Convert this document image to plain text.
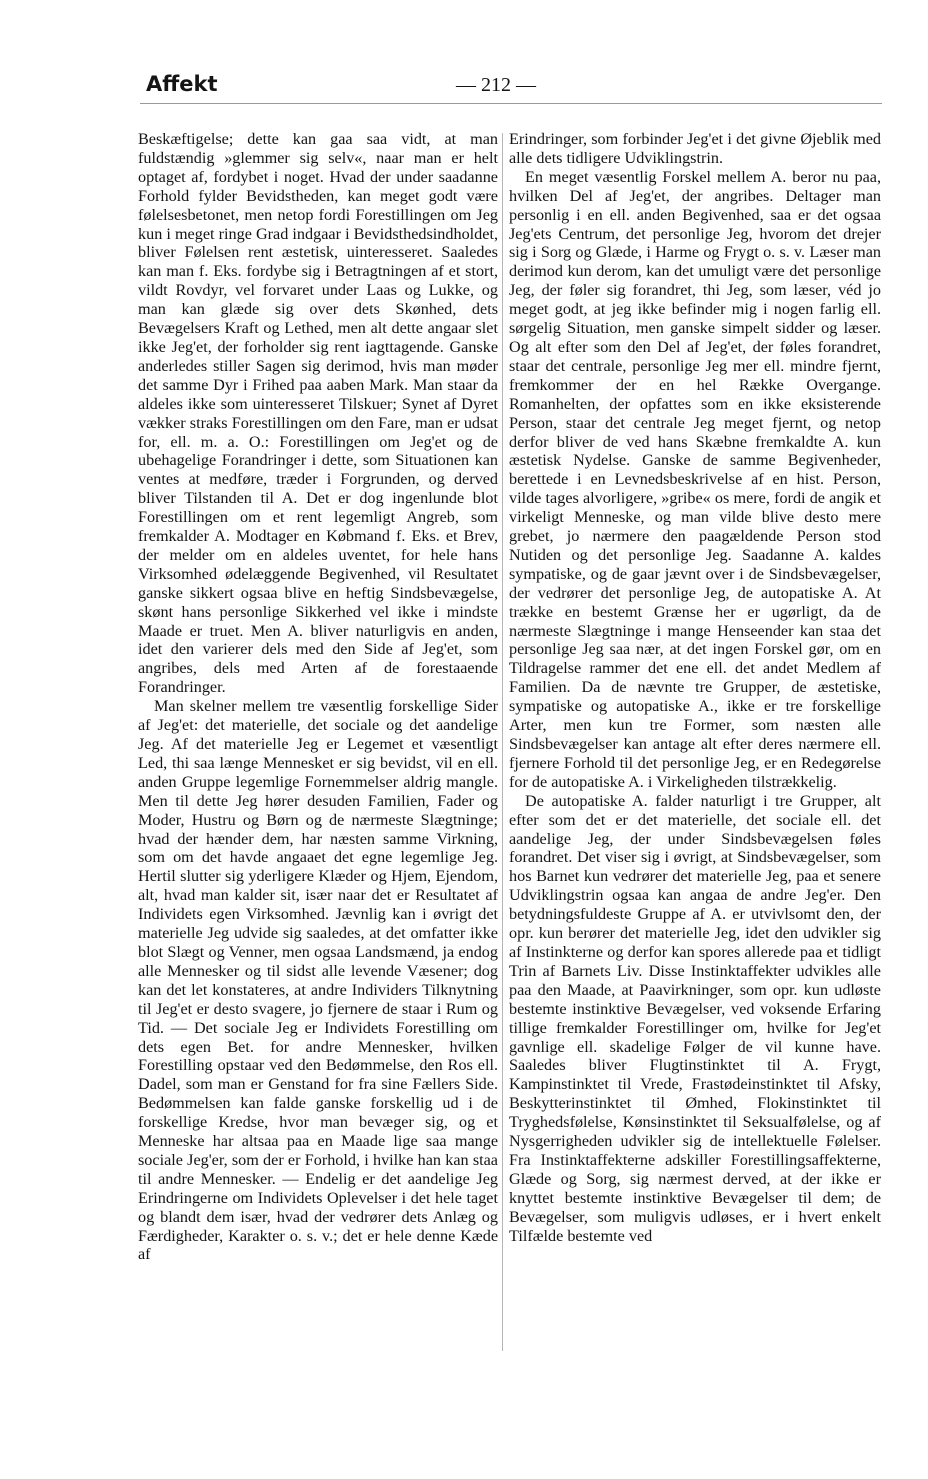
Affekt	— 212 —

Beskæftigelse; dette kan gaa saa vidt, at man fuldstændig »glemmer sig selv«, naar man er helt optaget af, fordybet i noget. Hvad der under saadanne Forhold fylder Bevidstheden, kan meget godt være følelsesbetonet, men netop fordi Forestillingen om Jeg kun i meget ringe Grad indgaar i Bevidsthedsindholdet, bliver Følelsen rent æstetisk, uinteresseret. Saaledes kan man f. Eks. fordybe sig i Betragtningen af et stort, vildt Rovdyr, vel forvaret under Laas og Lukke, og man kan glæde sig over dets Skønhed, dets Bevægelsers Kraft og Lethed, men alt dette angaar slet ikke Jeg'et, der forholder sig rent iagttagende. Ganske anderledes stiller Sagen sig derimod, hvis man møder det samme Dyr i Frihed paa aaben Mark. Man staar da aldeles ikke som uinteresseret Tilskuer; Synet af Dyret vækker straks Forestillingen om den Fare, man er udsat for, ell. m. a. O.: Forestillingen om Jeg'et og de ubehagelige Forandringer i dette, som Situationen kan ventes at medføre, træder i Forgrunden, og derved bliver Tilstanden til A. Det er dog ingenlunde blot Forestillingen om et rent legemligt Angreb, som fremkalder A. Modtager en Købmand f. Eks. et Brev, der melder om en aldeles uventet, for hele hans Virksomhed ødelæggende Begivenhed, vil Resultatet ganske sikkert ogsaa blive en heftig Sindsbevægelse, skønt hans personlige Sikkerhed vel ikke i mindste Maade er truet. Men A. bliver naturligvis en anden, idet den varierer dels med den Side af Jeg'et, som angribes, dels med Arten af de forestaaende Forandringer.

Man skelner mellem tre væsentlig forskellige Sider af Jeg'et: det materielle, det sociale og det aandelige Jeg. Af det materielle Jeg er Legemet et væsentligt Led, thi saa længe Mennesket er sig bevidst, vil en ell. anden Gruppe legemlige Fornemmelser aldrig mangle. Men til dette Jeg hører desuden Familien, Fader og Moder, Hustru og Børn og de nærmeste Slægtninge; hvad der hænder dem, har næsten samme Virkning, som om det havde angaaet det egne legemlige Jeg. Hertil slutter sig yderligere Klæder og Hjem, Ejendom, alt, hvad man kalder sit, især naar det er Resultatet af Individets egen Virksomhed. Jævnlig kan i øvrigt det materielle Jeg udvide sig saaledes, at det omfatter ikke blot Slægt og Venner, men ogsaa Landsmænd, ja endog alle Mennesker og til sidst alle levende Væsener; dog kan det let konstateres, at andre Individers Tilknytning til Jeg'et er desto svagere, jo fjernere de staar i Rum og Tid. — Det sociale Jeg er Individets Forestilling om dets egen Bet. for andre Mennesker, hvilken Forestilling opstaar ved den Bedømmelse, den Ros ell. Dadel, som man er Genstand for fra sine Fællers Side. Bedømmelsen kan falde ganske forskellig ud i de forskellige Kredse, hvor man bevæger sig, og et Menneske har altsaa paa en Maade lige saa mange sociale Jeg'er, som der er Forhold, i hvilke han kan staa til andre Mennesker. — Endelig er det aandelige Jeg Erindringerne om Individets Oplevelser i det hele taget og blandt dem især, hvad der vedrører dets Anlæg og Færdigheder, Karakter o. s. v.; det er hele denne Kæde af

Erindringer, som forbinder Jeg'et i det givne Øjeblik med alle dets tidligere Udviklingstrin.

En meget væsentlig Forskel mellem A. beror nu paa, hvilken Del af Jeg'et, der angribes. Deltager man personlig i en ell. anden Begivenhed, saa er det ogsaa Jeg'ets Centrum, det personlige Jeg, hvorom det drejer sig i Sorg og Glæde, i Harme og Frygt o. s. v. Læser man derimod kun derom, kan det umuligt være det personlige Jeg, der føler sig forandret, thi Jeg, som læser, véd jo meget godt, at jeg ikke befinder mig i nogen farlig ell. sørgelig Situation, men ganske simpelt sidder og læser. Og alt efter som den Del af Jeg'et, der føles forandret, staar det centrale, personlige Jeg mer ell. mindre fjernt, fremkommer der en hel Række Overgange. Romanhelten, der opfattes som en ikke eksisterende Person, staar det centrale Jeg meget fjernt, og netop derfor bliver de ved hans Skæbne fremkaldte A. kun æstetisk Nydelse. Ganske de samme Begivenheder, berettede i en Levnedsbeskrivelse af en hist. Person, vilde tages alvorligere, »gribe« os mere, fordi de angik et virkeligt Menneske, og man vilde blive desto mere grebet, jo nærmere den paagældende Person stod Nutiden og det personlige Jeg. Saadanne A. kaldes sympatiske, og de gaar jævnt over i de Sindsbevægelser, der vedrører det personlige Jeg, de autopatiske A. At trække en bestemt Grænse her er ugørligt, da de nærmeste Slægtninge i mange Henseender kan staa det personlige Jeg saa nær, at det ingen Forskel gør, om en Tildragelse rammer det ene ell. det andet Medlem af Familien. Da de nævnte tre Grupper, de æstetiske, sympatiske og autopatiske A., ikke er tre forskellige Arter, men kun tre Former, som næsten alle Sindsbevægelser kan antage alt efter deres nærmere ell. fjernere Forhold til det personlige Jeg, er en Redegørelse for de autopatiske A. i Virkeligheden tilstrækkelig.

De autopatiske A. falder naturligt i tre Grupper, alt efter som det er det materielle, det sociale ell. det aandelige Jeg, der under Sindsbevægelsen føles forandret. Det viser sig i øvrigt, at Sindsbevægelser, som hos Barnet kun vedrører det materielle Jeg, paa et senere Udviklingstrin ogsaa kan angaa de andre Jeg'er. Den betydningsfuldeste Gruppe af A. er utvivlsomt den, der opr. kun berører det materielle Jeg, idet den udvikler sig af Instinkterne og derfor kan spores allerede paa et tidligt Trin af Barnets Liv. Disse Instinktaffekter udvikles alle paa den Maade, at Paavirkninger, som opr. kun udløste bestemte instinktive Bevægelser, ved voksende Erfaring tillige fremkalder Forestillinger om, hvilke for Jeg'et gavnlige ell. skadelige Følger de vil kunne have. Saaledes bliver Flugtinstinktet til A. Frygt, Kampinstinktet til Vrede, Frastødeinstinktet til Afsky, Beskytterinstinktet til Ømhed, Flokinstinktet til Tryghedsfølelse, Kønsinstinktet til Seksualfølelse, og af Nysgerrigheden udvikler sig de intellektuelle Følelser. Fra Instinktaffekterne adskiller Forestillingsaffekterne, Glæde og Sorg, sig nærmest derved, at der ikke er knyttet bestemte instinktive Bevægelser til dem; de Bevægelser, som muligvis udløses, er i hvert enkelt Tilfælde bestemte ved
